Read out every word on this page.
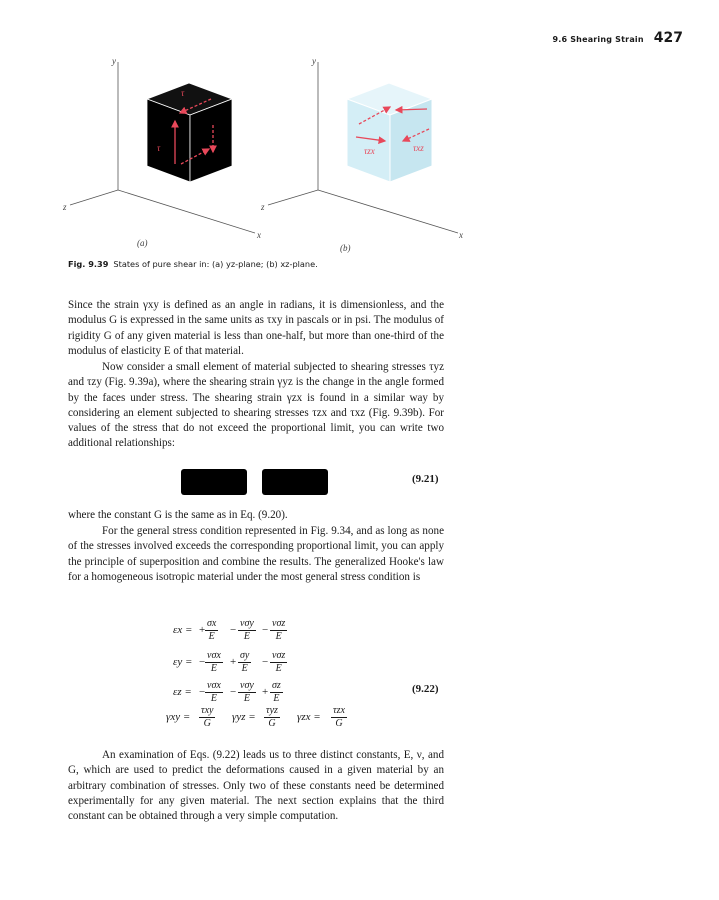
9.6 Shearing Strain 427
y
x
z
τ
τ
y
x
z
τzx	τxz
(a)	(b)
Fig. 9.39 States of pure shear in: (a) yz-plane; (b) xz-plane.

Since the strain γxy is defined as an angle in radians, it is dimensionless, and the modulus G is expressed in the same units as τxy in pascals or in psi. The modulus of rigidity G of any given material is less than one-half, but more than one-third of the modulus of elasticity E of that material.

Now consider a small element of material subjected to shearing stresses τyz and τzy (Fig. 9.39a), where the shearing strain γyz is the change in the angle formed by the faces under stress. The shearing strain γzx is found in a similar way by considering an element subjected to shearing stresses τzx and τxz (Fig. 9.39b). For values of the stress that do not exceed the proportional limit, you can write two additional relationships:

(9.21)

where the constant G is the same as in Eq. (9.20).

For the general stress condition represented in Fig. 9.34, and as long as none of the stresses involved exceeds the corresponding proportional limit, you can apply the principle of superposition and combine the results. The generalized Hooke's law for a homogeneous isotropic material under the most general stress condition is

εx = + $\frac{\sigma x}{E}$ −
νσy
E
−
νσz
E
εy = −
νσx
E
+ $\frac{\sigma y}{E}$ −
νσz
E
εz = −
νσx
E
−
νσy
E
+ $\frac{\sigma z}{E}$
γxy =
τxy
G
γyz =
τyz
G
γzx =
τzx
G
(9.22)

An examination of Eqs. (9.22) leads us to three distinct constants, E, ν, and G, which are used to predict the deformations caused in a given material by an arbitrary combination of stresses. Only two of these constants need be determined experimentally for any given material. The next section explains that the third constant can be obtained through a very simple computation.
